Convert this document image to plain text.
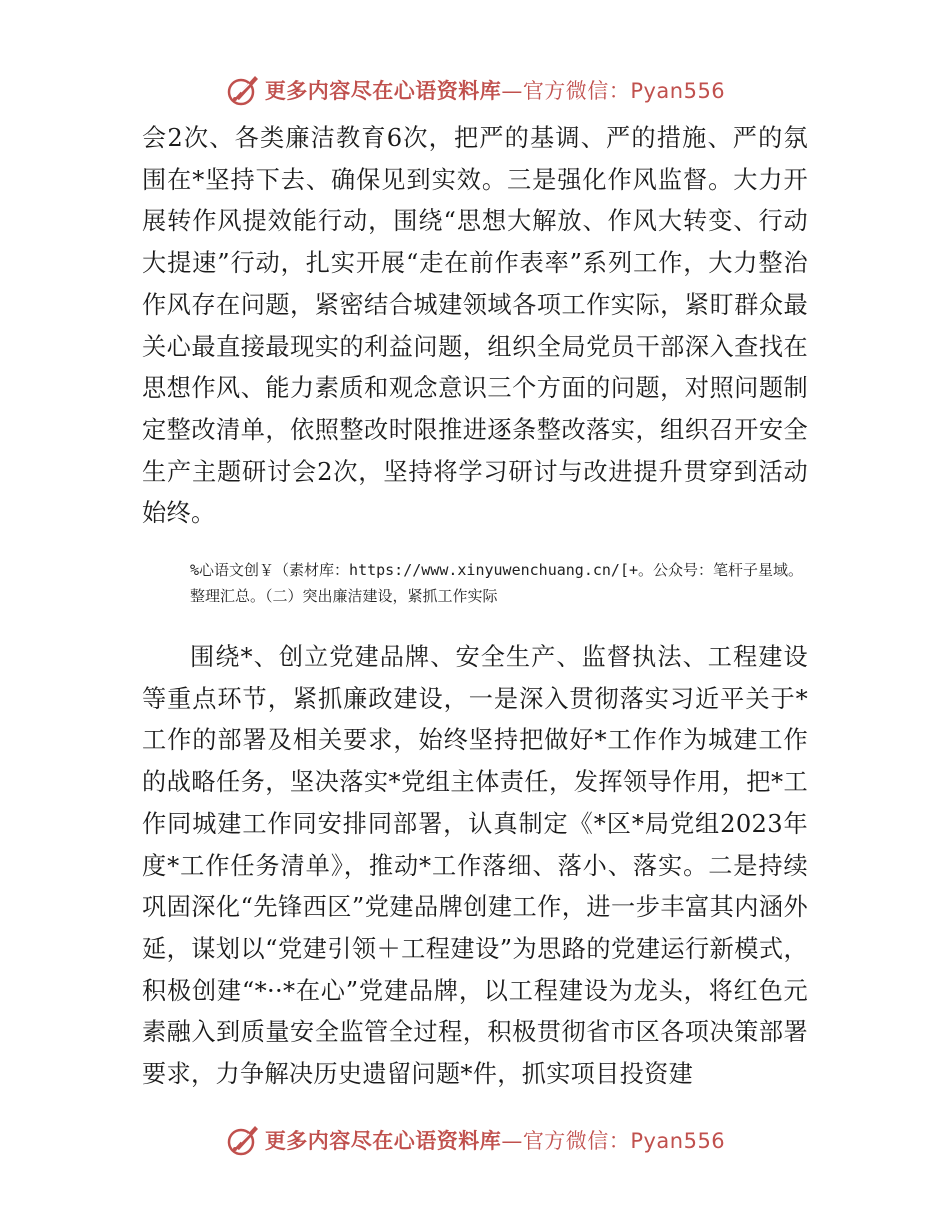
更多内容尽在心语资料库—官方微信：Pyan556

会2次、各类廉洁教育6次，把严的基调、严的措施、严的氛围在*坚持下去、确保见到实效。三是强化作风监督。大力开展转作风提效能行动，围绕“思想大解放、作风大转变、行动大提速”行动，扎实开展“走在前作表率”系列工作，大力整治作风存在问题，紧密结合城建领域各项工作实际，紧盯群众最关心最直接最现实的利益问题，组织全局党员干部深入查找在思想作风、能力素质和观念意识三个方面的问题，对照问题制定整改清单，依照整改时限推进逐条整改落实，组织召开安全生产主题研讨会2次，坚持将学习研讨与改进提升贯穿到活动始终。

%心语文创￥（素材库：https://www.xinyuwenchuang.cn/[+。公众号：笔杆子星域。整理汇总。（二）突出廉洁建设，紧抓工作实际

围绕*、创立党建品牌、安全生产、监督执法、工程建设等重点环节，紧抓廉政建设，一是深入贯彻落实习近平关于*工作的部署及相关要求，始终坚持把做好*工作作为城建工作的战略任务，坚决落实*党组主体责任，发挥领导作用，把*工作同城建工作同安排同部署，认真制定《*区*局党组2023年度*工作任务清单》，推动*工作落细、落小、落实。二是持续巩固深化“先锋西区”党建品牌创建工作，进一步丰富其内涵外延，谋划以“党建引领＋工程建设”为思路的党建运行新模式，积极创建“*··*在心”党建品牌，以工程建设为龙头，将红色元素融入到质量安全监管全过程，积极贯彻省市区各项决策部署要求，力争解决历史遗留问题*件，抓实项目投资建

更多内容尽在心语资料库—官方微信：Pyan556
